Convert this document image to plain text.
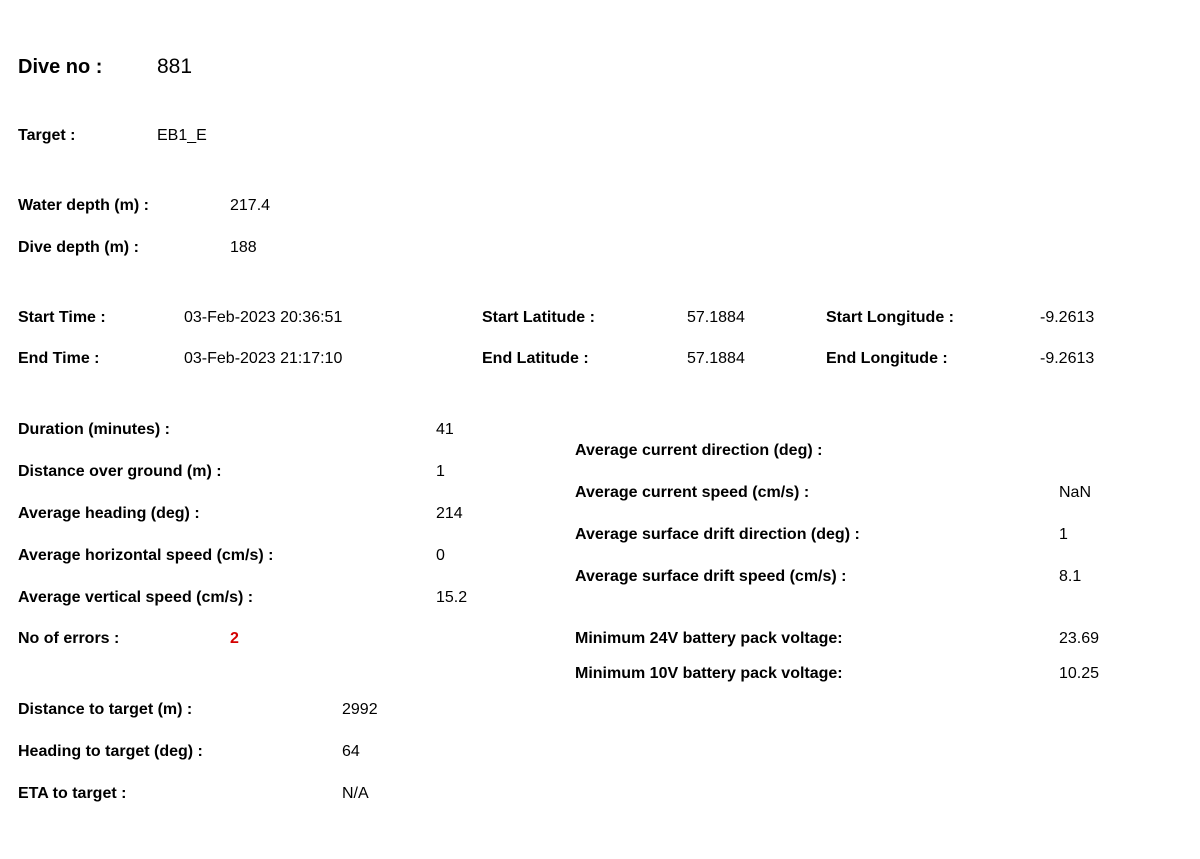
Dive no :	881
Target :	EB1_E
Water depth (m) :	217.4
Dive depth (m) :	188
Start Time :	03-Feb-2023 20:36:51	Start Latitude :	57.1884	Start Longitude :	-9.2613
End Time :	03-Feb-2023 21:17:10	End Latitude :	57.1884	End Longitude :	-9.2613
Duration (minutes) :	41
Distance over ground (m) :	1
Average heading (deg) :	214
Average horizontal speed (cm/s) :	0
Average vertical speed (cm/s) :	15.2
No of errors :	2
Average current direction (deg) :
Average current speed (cm/s) :	NaN
Average surface drift direction (deg) :	1
Average surface drift speed (cm/s) :	8.1
Minimum 24V battery pack voltage:	23.69
Minimum 10V battery pack voltage:	10.25
Distance to target (m) :	2992
Heading to target (deg) :	64
ETA to target :	N/A
